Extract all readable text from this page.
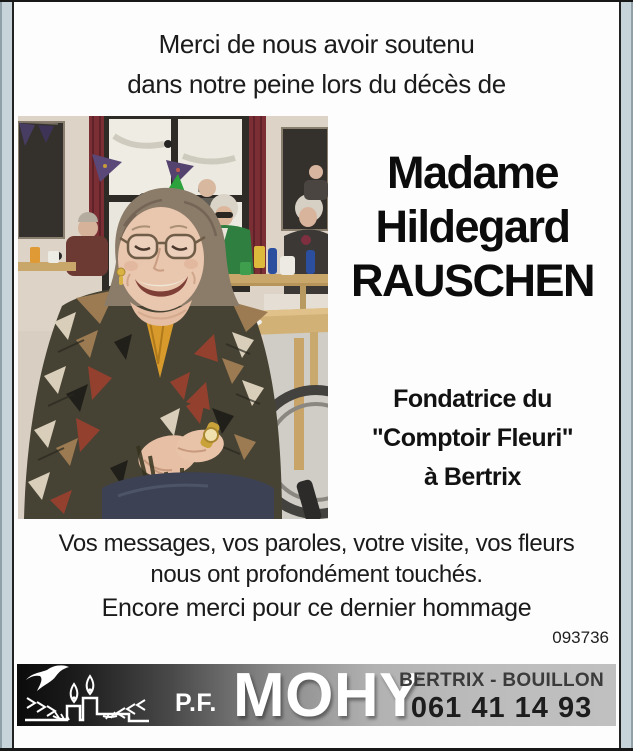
Merci de nous avoir soutenu
dans notre peine lors du décès de
Madame
Hildegard
RAUSCHEN
Fondatrice du
"Comptoir Fleuri"
à Bertrix
Vos messages, vos paroles, votre visite, vos fleurs
nous ont profondément touchés.
Encore merci pour ce dernier hommage
093736
P.F. MOHY
BERTRIX - BOUILLON
061 41 14 93
